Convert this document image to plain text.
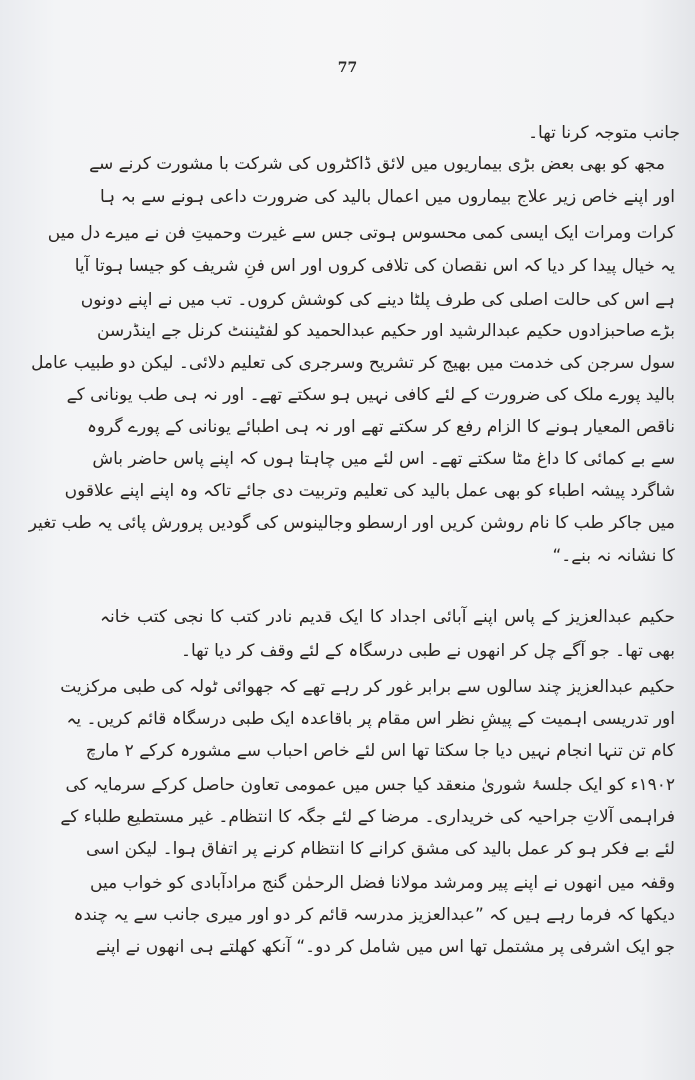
77
جانب متوجہ کرنا تھا۔
مجھ کو بھی بعض بڑی بیماریوں میں لائق ڈاکٹروں کی شرکت با مشورت کرنے سے
اور اپنے خاص زیر علاج بیماروں میں اعمال بالید کی ضرورت داعی ہونے سے بہ ہا
کرات ومرات ایک ایسی کمی محسوس ہوتی جس سے غیرت وحمیتِ فن نے میرے دل میں
یہ خیال پیدا کر دیا کہ اس نقصان کی تلافی کروں اور اس فنِ شریف کو جیسا ہوتا آیا
ہے اس کی حالت اصلی کی طرف پلٹا دینے کی کوشش کروں۔ تب میں نے اپنے دونوں
بڑے صاحبزادوں حکیم عبدالرشید اور حکیم عبدالحمید کو لفٹیننٹ کرنل جے اینڈرسن
سول سرجن کی خدمت میں بھیج کر تشریح وسرجری کی تعلیم دلائی۔ لیکن دو طبیب عامل
بالید پورے ملک کی ضرورت کے لئے کافی نہیں ہو سکتے تھے۔ اور نہ ہی طب یونانی کے
ناقص المعیار ہونے کا الزام رفع کر سکتے تھے اور نہ ہی اطبائے یونانی کے پورے گروہ
سے بے کمائی کا داغ مٹا سکتے تھے۔ اس لئے میں چاہتا ہوں کہ اپنے پاس حاضر باش
شاگرد پیشہ اطباء کو بھی عمل بالید کی تعلیم وتربیت دی جائے تاکہ وہ اپنے اپنے علاقوں
میں جاکر طب کا نام روشن کریں اور ارسطو وجالینوس کی گودیں پرورش پائی یہ طب تغیر
کا نشانہ نہ بنے۔“
حکیم عبدالعزیز کے پاس اپنے آبائی اجداد کا ایک قدیم نادر کتب کا نجی کتب خانہ
بھی تھا۔ جو آگے چل کر انھوں نے طبی درسگاہ کے لئے وقف کر دیا تھا۔
حکیم عبدالعزیز چند سالوں سے برابر غور کر رہے تھے کہ جھوائی ٹولہ کی طبی مرکزیت
اور تدریسی اہمیت کے پیشِ نظر اس مقام پر باقاعدہ ایک طبی درسگاہ قائم کریں۔ یہ
کام تن تنہا انجام نہیں دیا جا سکتا تھا اس لئے خاص احباب سے مشورہ کرکے ۲ مارچ
۱۹۰۲ء کو ایک جلسۂ شوریٰ منعقد کیا جس میں عمومی تعاون حاصل کرکے سرمایہ کی
فراہمی آلاتِ جراحیہ کی خریداری۔ مرضا کے لئے جگہ کا انتظام۔ غیر مستطیع طلباء کے
لئے بے فکر ہو کر عمل بالید کی مشق کرانے کا انتظام کرنے پر اتفاق ہوا۔ لیکن اسی
وقفہ میں انھوں نے اپنے پیر ومرشد مولانا فضل الرحمٰن گنج مرادآبادی کو خواب میں
دیکھا کہ فرما رہے ہیں کہ ”عبدالعزیز مدرسہ قائم کر دو اور میری جانب سے یہ چندہ
جو ایک اشرفی پر مشتمل تھا اس میں شامل کر دو۔“ آنکھ کھلتے ہی انھوں نے اپنے
